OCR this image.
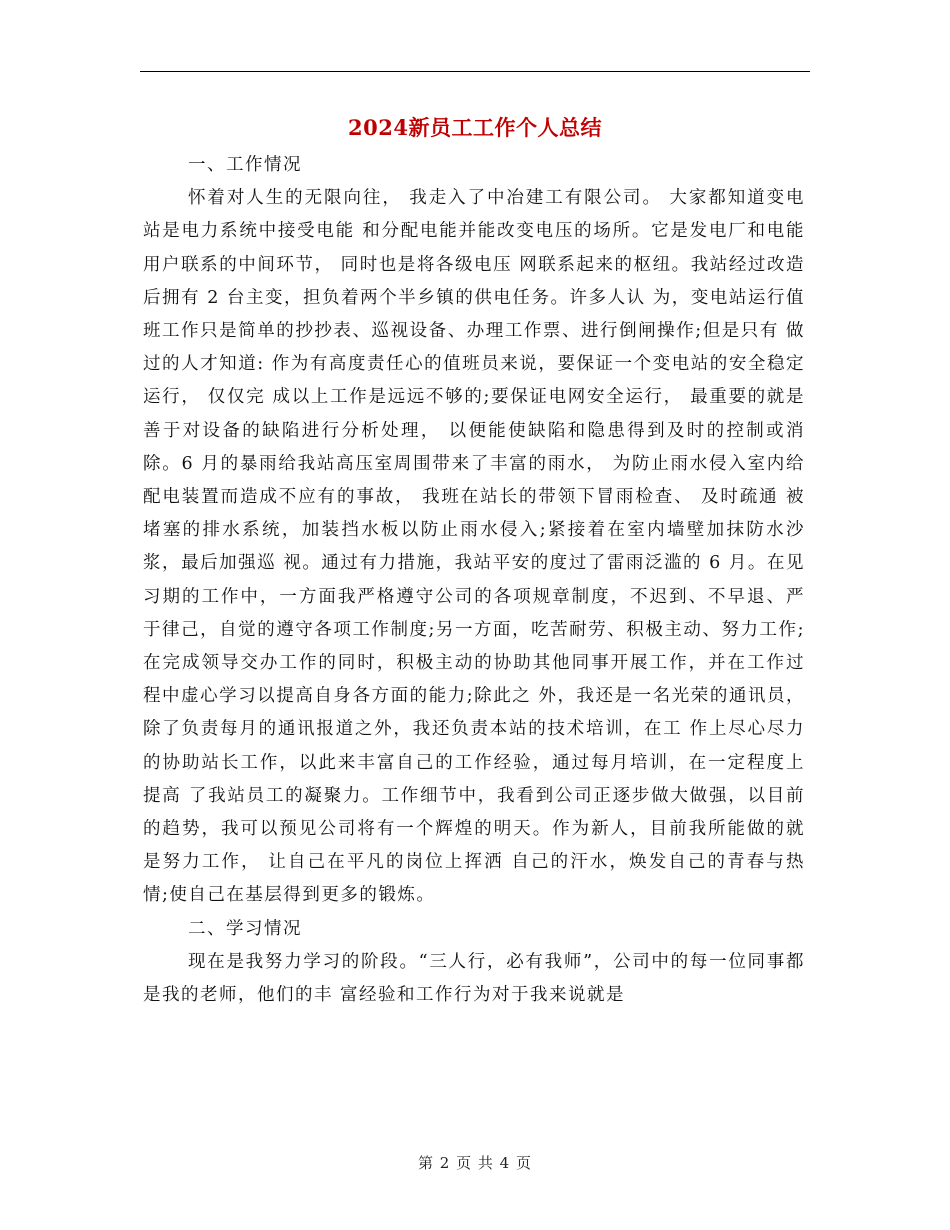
2024新员工工作个人总结

一、工作情况

怀着对人生的无限向往， 我走入了中冶建工有限公司。 大家都知道变电站是电力系统中接受电能 和分配电能并能改变电压的场所。它是发电厂和电能用户联系的中间环节， 同时也是将各级电压 网联系起来的枢纽。我站经过改造后拥有 2 台主变，担负着两个半乡镇的供电任务。许多人认 为，变电站运行值班工作只是简单的抄抄表、巡视设备、办理工作票、进行倒闸操作;但是只有 做过的人才知道: 作为有高度责任心的值班员来说，要保证一个变电站的安全稳定运行， 仅仅完 成以上工作是远远不够的;要保证电网安全运行， 最重要的就是善于对设备的缺陷进行分析处理， 以便能使缺陷和隐患得到及时的控制或消除。6 月的暴雨给我站高压室周围带来了丰富的雨水， 为防止雨水侵入室内给配电装置而造成不应有的事故， 我班在站长的带领下冒雨检查、 及时疏通 被堵塞的排水系统，加装挡水板以防止雨水侵入;紧接着在室内墙壁加抹防水沙浆，最后加强巡 视。通过有力措施，我站平安的度过了雷雨泛滥的 6 月。在见习期的工作中，一方面我严格遵守公司的各项规章制度，不迟到、不早退、严于律己，自觉的遵守各项工作制度;另一方面，吃苦耐劳、积极主动、努力工作;在完成领导交办工作的同时，积极主动的协助其他同事开展工作，并在工作过程中虚心学习以提高自身各方面的能力;除此之 外，我还是一名光荣的通讯员，除了负责每月的通讯报道之外，我还负责本站的技术培训，在工 作上尽心尽力的协助站长工作，以此来丰富自己的工作经验，通过每月培训，在一定程度上提高 了我站员工的凝聚力。工作细节中，我看到公司正逐步做大做强，以目前的趋势，我可以预见公司将有一个辉煌的明天。作为新人，目前我所能做的就是努力工作， 让自己在平凡的岗位上挥洒 自己的汗水，焕发自己的青春与热情;使自己在基层得到更多的锻炼。

二、学习情况

现在是我努力学习的阶段。“三人行，必有我师”，公司中的每一位同事都是我的老师，他们的丰 富经验和工作行为对于我来说就是

第 2 页 共 4 页
